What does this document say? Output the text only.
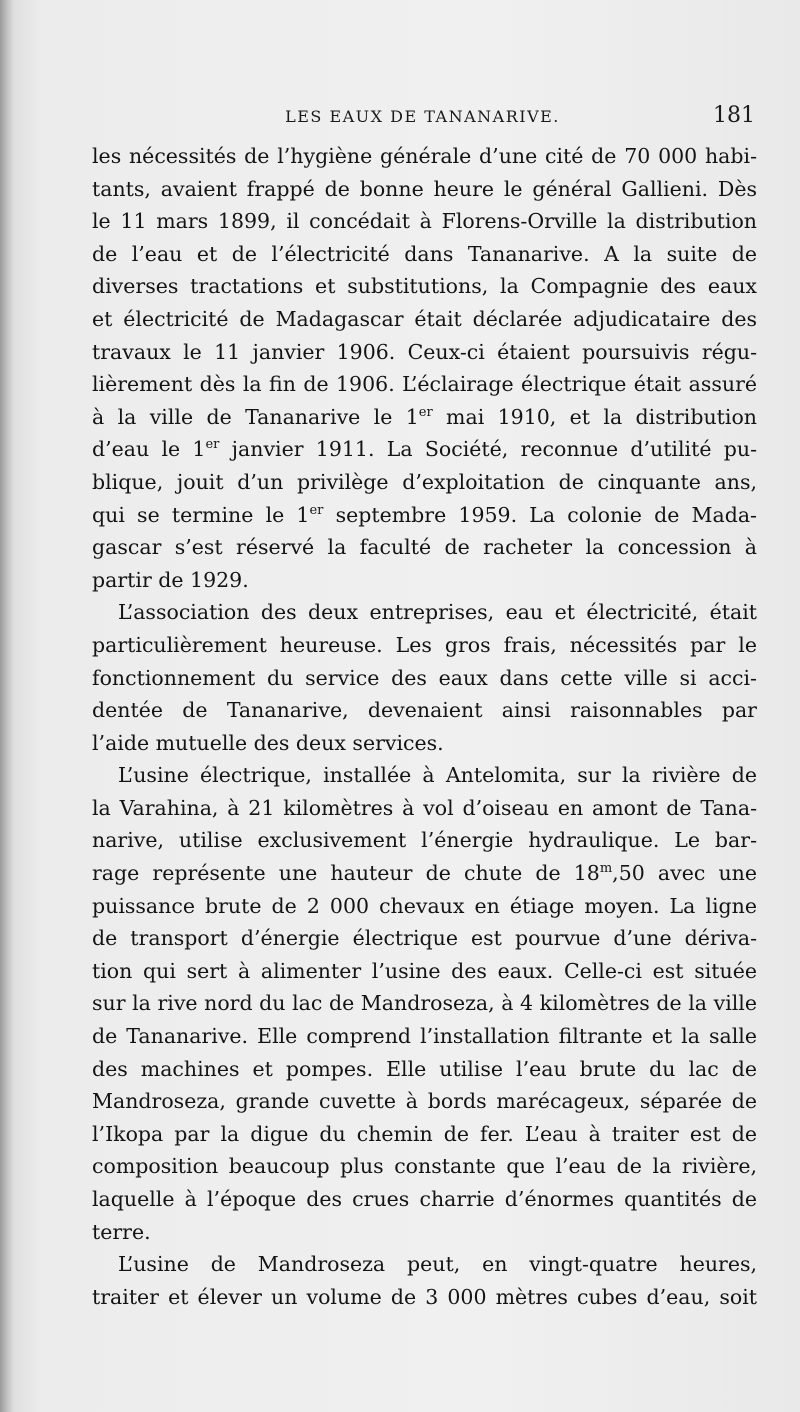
LES EAUX DE TANANARIVE.	181
les nécessités de l’hygiène générale d’une cité de 70 000 habi-
tants, avaient frappé de bonne heure le général Gallieni. Dès
le 11 mars 1899, il concédait à Florens-Orville la distribution
de l’eau et de l’électricité dans Tananarive. A la suite de
diverses tractations et substitutions, la Compagnie des eaux
et électricité de Madagascar était déclarée adjudicataire des
travaux le 11 janvier 1906. Ceux-ci étaient poursuivis régu-
lièrement dès la fin de 1906. L’éclairage électrique était assuré
à la ville de Tananarive le 1er mai 1910, et la distribution
d’eau le 1er janvier 1911. La Société, reconnue d’utilité pu-
blique, jouit d’un privilège d’exploitation de cinquante ans,
qui se termine le 1er septembre 1959. La colonie de Mada-
gascar s’est réservé la faculté de racheter la concession à
partir de 1929.
L’association des deux entreprises, eau et électricité, était
particulièrement heureuse. Les gros frais, nécessités par le
fonctionnement du service des eaux dans cette ville si acci-
dentée de Tananarive, devenaient ainsi raisonnables par
l’aide mutuelle des deux services.
L’usine électrique, installée à Antelomita, sur la rivière de
la Varahina, à 21 kilomètres à vol d’oiseau en amont de Tana-
narive, utilise exclusivement l’énergie hydraulique. Le bar-
rage représente une hauteur de chute de 18$^m$,50 avec une
puissance brute de 2 000 chevaux en étiage moyen. La ligne
de transport d’énergie électrique est pourvue d’une dériva-
tion qui sert à alimenter l’usine des eaux. Celle-ci est située
sur la rive nord du lac de Mandroseza, à 4 kilomètres de la ville
de Tananarive. Elle comprend l’installation filtrante et la salle
des machines et pompes. Elle utilise l’eau brute du lac de
Mandroseza, grande cuvette à bords marécageux, séparée de
l’Ikopa par la digue du chemin de fer. L’eau à traiter est de
composition beaucoup plus constante que l’eau de la rivière,
laquelle à l’époque des crues charrie d’énormes quantités de
terre.
L’usine de Mandroseza peut, en vingt-quatre heures,
traiter et élever un volume de 3 000 mètres cubes d’eau, soit
